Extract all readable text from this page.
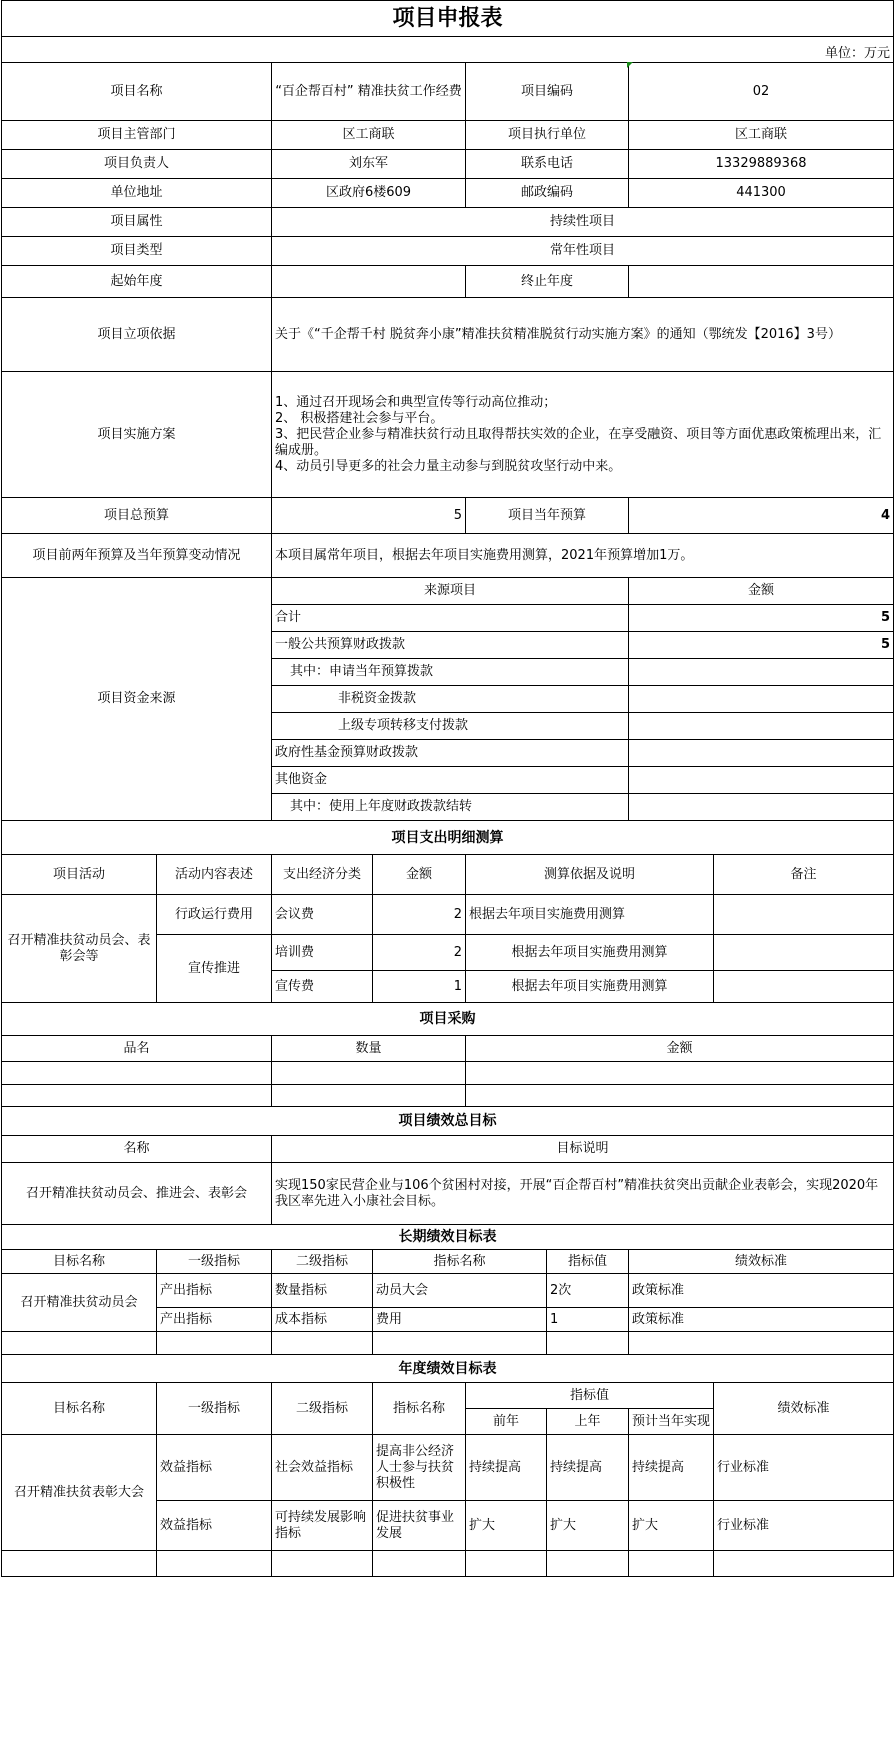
项目申报表							
单位：万元							
项目名称		“百企帮百村” 精准扶贫工作经费		项目编码		02	
项目主管部门		区工商联		项目执行单位		区工商联	
项目负责人		刘东军		联系电话		13329889368	
单位地址		区政府6楼609		邮政编码		441300	
项目属性		持续性项目					
项目类型		常年性项目					
起始年度				终止年度			
项目立项依据		关于《“千企帮千村 脱贫奔小康”精准扶贫精准脱贫行动实施方案》的通知（鄂统发【2016】3号）					
项目实施方案		1、通过召开现场会和典型宣传等行动高位推动；
2、 积极搭建社会参与平台。
3、把民营企业参与精准扶贫行动且取得帮扶实效的企业，在享受融资、项目等方面优惠政策梳理出来，汇编成册。
4、动员引导更多的社会力量主动参与到脱贫攻坚行动中来。					

项目总预算		5		项目当年预算		4	
项目前两年预算及当年预算变动情况		本项目属常年项目，根据去年项目实施费用测算，2021年预算增加1万。					
项目资金来源		来源项目				金额	
		合计				5	
		一般公共预算财政拨款				5	
		其中：申请当年预算拨款					
		非税资金拨款					
		上级专项转移支付拨款					
		政府性基金预算财政拨款					
		其他资金					
		其中：使用上年度财政拨款结转					
项目支出明细测算							
项目活动	活动内容表述	支出经济分类	金额	测算依据及说明			备注
召开精准扶贫动员会、表彰会等	行政运行费用	会议费	2	根据去年项目实施费用测算			
	宣传推进	培训费	2	根据去年项目实施费用测算			
		宣传费	1	根据去年项目实施费用测算			
项目采购							
品名		数量		金额			

项目绩效总目标							
名称		目标说明					
召开精准扶贫动员会、推进会、表彰会		实现150家民营企业与106个贫困村对接，开展“百企帮百村”精准扶贫突出贡献企业表彰会，实现2020年我区率先进入小康社会目标。					
长期绩效目标表							
目标名称	一级指标	二级指标	指标名称		指标值	绩效标准	
召开精准扶贫动员会	产出指标	数量指标	动员大会		2次	政策标准	
	产出指标	成本指标	费用		1	政策标准	

年度绩效目标表							
目标名称	一级指标	二级指标	指标名称	指标值			绩效标准
				前年	上年	预计当年实现	
召开精准扶贫表彰大会	效益指标	社会效益指标	提高非公经济人士参与扶贫积极性	持续提高	持续提高	持续提高	行业标准
	效益指标	可持续发展影响指标	促进扶贫事业发展	扩大	扩大	扩大	行业标准
